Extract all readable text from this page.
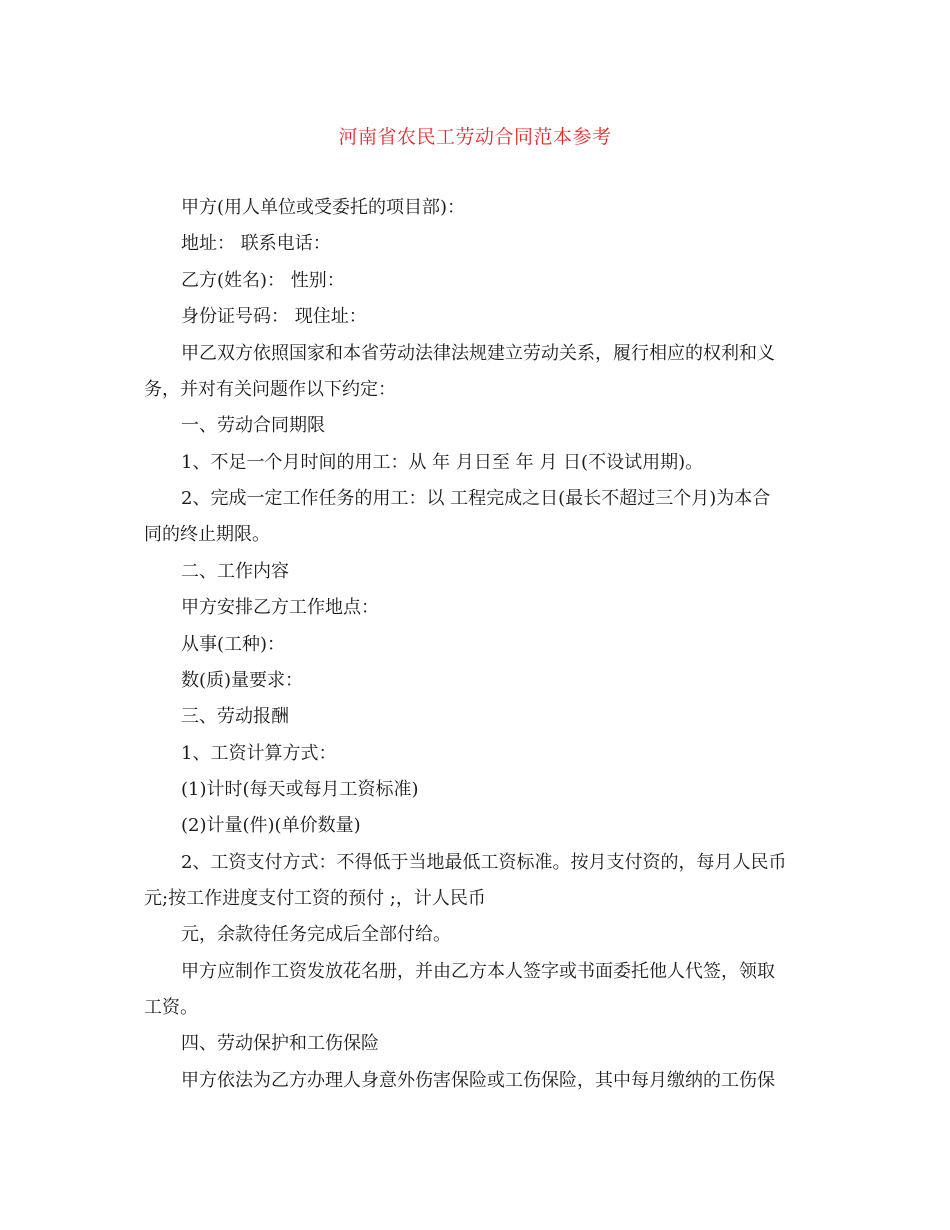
河南省农民工劳动合同范本参考
甲方(用人单位或受委托的项目部)：
地址： 联系电话：
乙方(姓名)： 性别：
身份证号码： 现住址：
甲乙双方依照国家和本省劳动法律法规建立劳动关系，履行相应的权利和义
务，并对有关问题作以下约定：
一、劳动合同期限
1、不足一个月时间的用工：从 年 月日至 年 月 日(不设试用期)。
2、完成一定工作任务的用工：以 工程完成之日(最长不超过三个月)为本合
同的终止期限。
二、工作内容
甲方安排乙方工作地点：
从事(工种)：
数(质)量要求：
三、劳动报酬
1、工资计算方式：
(1)计时(每天或每月工资标准)
(2)计量(件)(单价数量)
2、工资支付方式：不得低于当地最低工资标准。按月支付资的，每月人民币
元;按工作进度支付工资的预付 ;，计人民币
元，余款待任务完成后全部付给。
甲方应制作工资发放花名册，并由乙方本人签字或书面委托他人代签，领取
工资。
四、劳动保护和工伤保险
甲方依法为乙方办理人身意外伤害保险或工伤保险，其中每月缴纳的工伤保
